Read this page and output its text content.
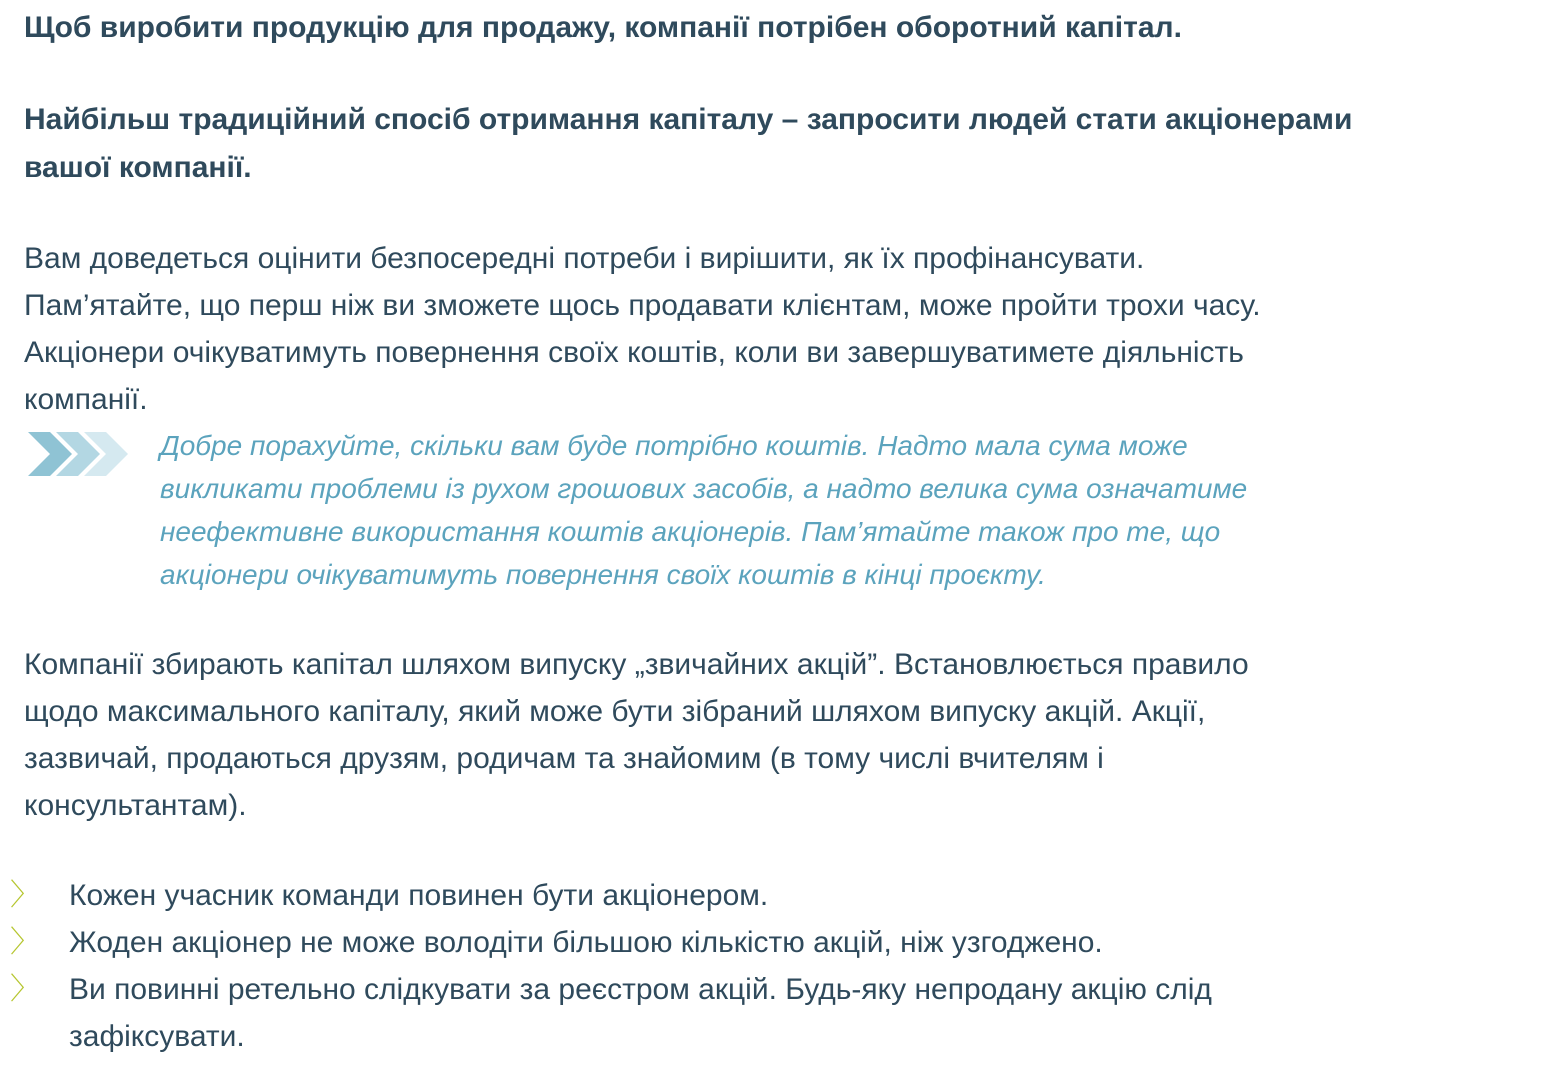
Щоб виробити продукцію для продажу, компанії потрібен оборотний капітал.

Найбільш традиційний спосіб отримання капіталу – запросити людей стати акціонерами

вашої компанії.

Вам доведеться оцінити безпосередні потреби і вирішити, як їх профінансувати.

Пам’ятайте, що перш ніж ви зможете щось продавати клієнтам, може пройти трохи часу.

Акціонери очікуватимуть повернення своїх коштів, коли ви завершуватимете діяльність

компанії.

Добре порахуйте, скільки вам буде потрібно коштів. Надто мала сума може

викликати проблеми із рухом грошових засобів, а надто велика сума означатиме

неефективне використання коштів акціонерів. Пам’ятайте також про те, що

акціонери очікуватимуть повернення своїх коштів в кінці проєкту.

Компанії збирають капітал шляхом випуску „звичайних акцій”. Встановлюється правило

щодо максимального капіталу, який може бути зібраний шляхом випуску акцій. Акції,

зазвичай, продаються друзям, родичам та знайомим (в тому числі вчителям і

консультантам).

〉 Кожен учасник команди повинен бути акціонером.
〉 Жоден акціонер не може володіти більшою кількістю акцій, ніж узгоджено.
〉 Ви повинні ретельно слідкувати за реєстром акцій. Будь-яку непродану акцію слід
зафіксувати.
